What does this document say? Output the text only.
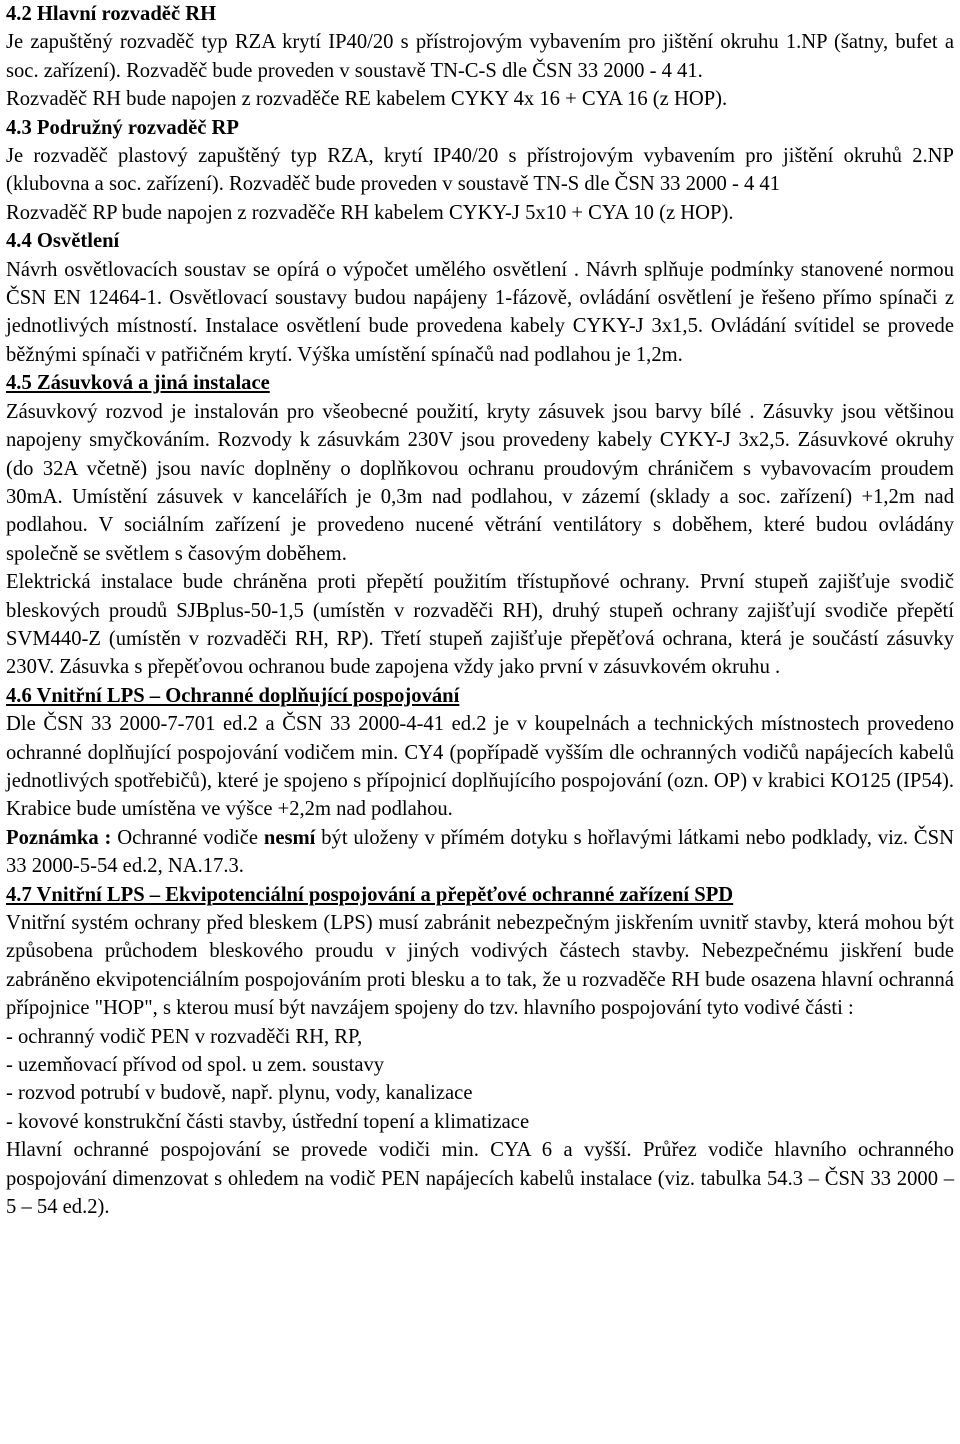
4.2 Hlavní rozvaděč RH

Je zapuštěný rozvaděč typ RZA krytí IP40/20 s přístrojovým vybavením pro jištění okruhu 1.NP (šatny, bufet a soc. zařízení). Rozvaděč bude proveden v soustavě TN-C-S dle ČSN 33 2000 - 4 41.

Rozvaděč RH bude napojen z rozvaděče RE kabelem CYKY 4x 16 + CYA 16 (z HOP).

4.3 Podružný rozvaděč RP

Je rozvaděč plastový zapuštěný typ RZA, krytí IP40/20 s přístrojovým vybavením pro jištění okruhů 2.NP (klubovna a soc. zařízení). Rozvaděč bude proveden v soustavě TN-S dle ČSN 33 2000 - 4 41

Rozvaděč RP bude napojen z rozvaděče RH kabelem CYKY-J 5x10 + CYA 10 (z HOP).

4.4 Osvětlení

Návrh osvětlovacích soustav se opírá o výpočet umělého osvětlení . Návrh splňuje podmínky stanovené normou ČSN EN 12464-1. Osvětlovací soustavy budou napájeny 1-fázově, ovládání osvětlení je řešeno přímo spínači z jednotlivých místností. Instalace osvětlení bude provedena kabely CYKY-J 3x1,5. Ovládání svítidel se provede běžnými spínači v patřičném krytí. Výška umístění spínačů nad podlahou je 1,2m.

4.5 Zásuvková a jiná instalace

Zásuvkový rozvod je instalován pro všeobecné použití, kryty zásuvek jsou barvy bílé . Zásuvky jsou většinou napojeny smyčkováním. Rozvody k zásuvkám 230V jsou provedeny kabely CYKY-J 3x2,5. Zásuvkové okruhy (do 32A včetně) jsou navíc doplněny o doplňkovou ochranu proudovým chráničem s vybavovacím proudem 30mA. Umístění zásuvek v kancelářích je 0,3m nad podlahou, v zázemí (sklady a soc. zařízení) +1,2m nad podlahou. V sociálním zařízení je provedeno nucené větrání ventilátory s doběhem, které budou ovládány společně se světlem s časovým doběhem.

Elektrická instalace bude chráněna proti přepětí použitím třístupňové ochrany. První stupeň zajišťuje svodič bleskových proudů SJBplus-50-1,5 (umístěn v rozvaděči RH), druhý stupeň ochrany zajišťují svodiče přepětí SVM440-Z (umístěn v rozvaděči RH, RP). Třetí stupeň zajišťuje přepěťová ochrana, která je součástí zásuvky 230V. Zásuvka s přepěťovou ochranou bude zapojena vždy jako první v zásuvkovém okruhu .

4.6 Vnitřní LPS – Ochranné doplňující pospojování

Dle ČSN 33 2000-7-701 ed.2 a ČSN 33 2000-4-41 ed.2 je v koupelnách a technických místnostech provedeno ochranné doplňující pospojování vodičem min. CY4 (popřípadě vyšším dle ochranných vodičů napájecích kabelů jednotlivých spotřebičů), které je spojeno s přípojnicí doplňujícího pospojování (ozn. OP) v krabici KO125 (IP54). Krabice bude umístěna ve výšce +2,2m nad podlahou.

Poznámka : Ochranné vodiče nesmí být uloženy v přímém dotyku s hořlavými látkami nebo podklady, viz. ČSN 33 2000-5-54 ed.2, NA.17.3.

4.7 Vnitřní LPS – Ekvipotenciální pospojování a přepěťové ochranné zařízení SPD

Vnitřní systém ochrany před bleskem (LPS) musí zabránit nebezpečným jiskřením uvnitř stavby, která mohou být způsobena průchodem bleskového proudu v jiných vodivých částech stavby. Nebezpečnému jiskření bude zabráněno ekvipotenciálním pospojováním proti blesku a to tak, že u rozvaděče RH bude osazena hlavní ochranná přípojnice "HOP", s kterou musí být navzájem spojeny do tzv. hlavního pospojování tyto vodivé části :

- ochranný vodič PEN v rozvaděči RH, RP,
- uzemňovací přívod od spol. u zem. soustavy
- rozvod potrubí v budově, např. plynu, vody, kanalizace
- kovové konstrukční části stavby, ústřední topení a klimatizace

Hlavní ochranné pospojování se provede vodiči min. CYA 6 a vyšší. Průřez vodiče hlavního ochranného pospojování dimenzovat s ohledem na vodič PEN napájecích kabelů instalace (viz. tabulka 54.3 – ČSN 33 2000 – 5 – 54 ed.2).
